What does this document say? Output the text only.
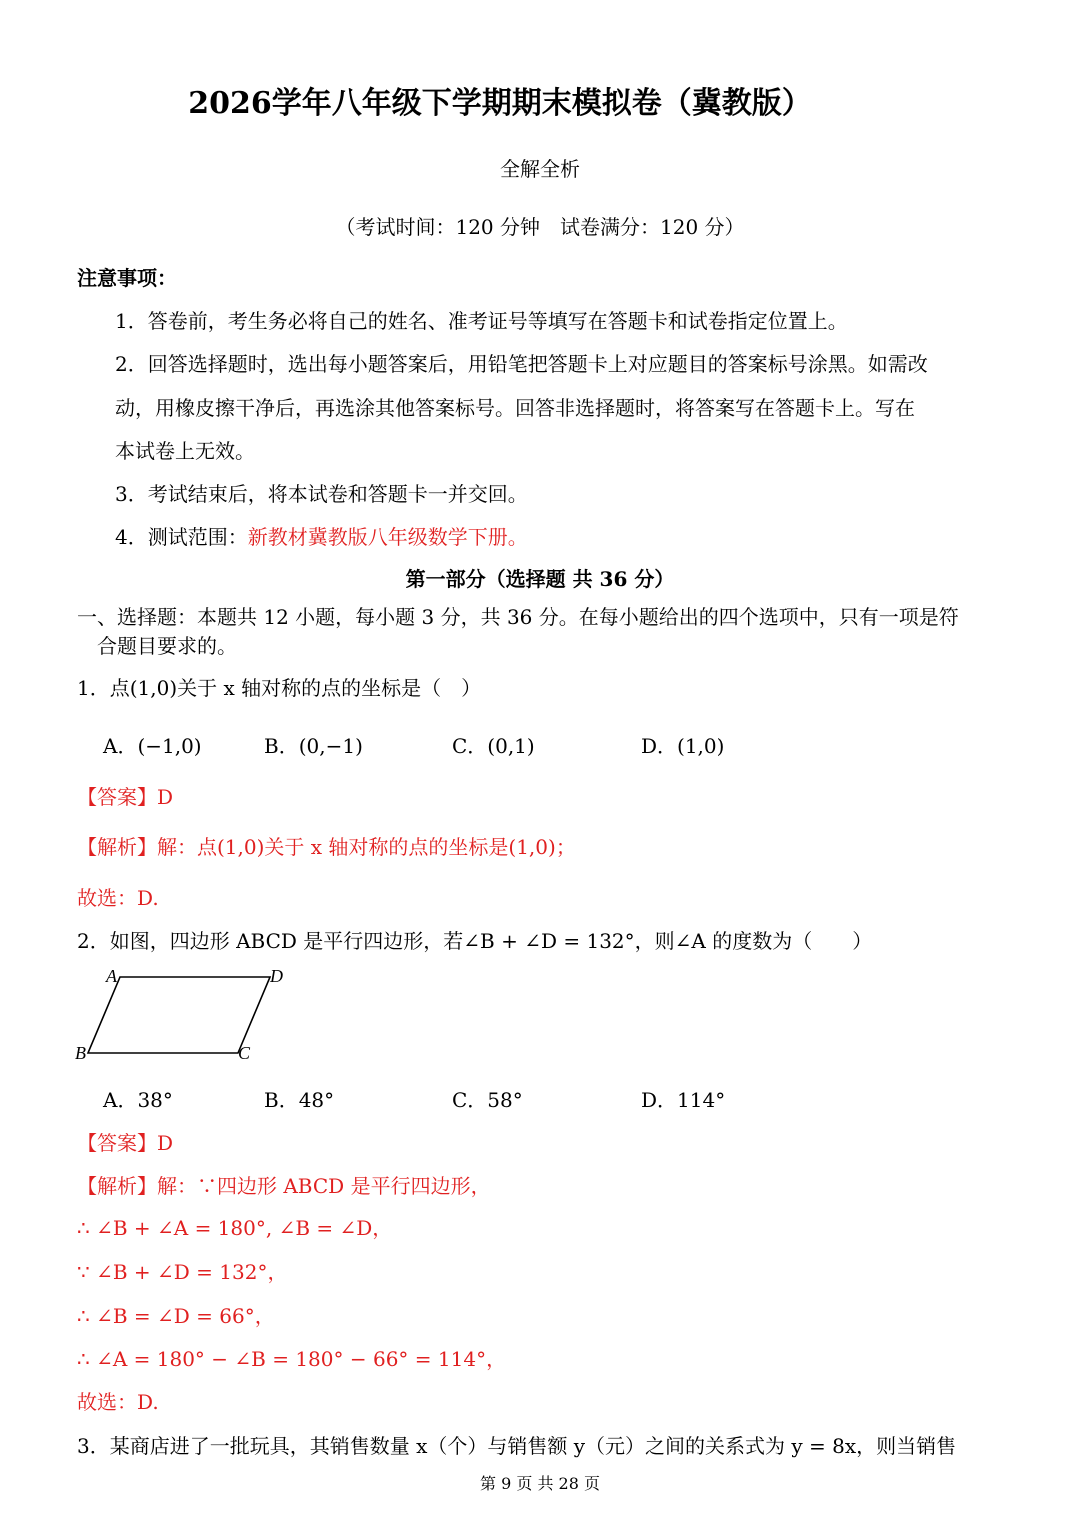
2026学年八年级下学期期末模拟卷（冀教版）
全解全析
（考试时间：120 分钟　试卷满分：120 分）
注意事项：
1．答卷前，考生务必将自己的姓名、准考证号等填写在答题卡和试卷指定位置上。
2．回答选择题时，选出每小题答案后，用铅笔把答题卡上对应题目的答案标号涂黑。如需改
动，用橡皮擦干净后，再选涂其他答案标号。回答非选择题时，将答案写在答题卡上。写在
本试卷上无效。
3．考试结束后，将本试卷和答题卡一并交回。
4．测试范围：新教材冀教版八年级数学下册。
第一部分（选择题 共 36 分）
一、选择题：本题共 12 小题，每小题 3 分，共 36 分。在每小题给出的四个选项中，只有一项是符
合题目要求的。
1．点(1,0)关于 x 轴对称的点的坐标是（　）
A．(−1,0)	B．(0,−1)	C．(0,1)	D．(1,0)
【答案】D
【解析】解：点(1,0)关于 x 轴对称的点的坐标是(1,0)；
故选：D.
2．如图，四边形 ABCD 是平行四边形，若∠B + ∠D = 132°，则∠A 的度数为（　　）
A	D
B	C
A．38°	B．48°	C．58°	D．114°
【答案】D
【解析】解：∵四边形 ABCD 是平行四边形，
∴ ∠B + ∠A = 180°, ∠B = ∠D，
∵ ∠B + ∠D = 132°，
∴ ∠B = ∠D = 66°，
∴ ∠A = 180° − ∠B = 180° − 66° = 114°，
故选：D.
3．某商店进了一批玩具，其销售数量 x（个）与销售额 y（元）之间的关系式为 y = 8x，则当销售
第 9 页 共 28 页
